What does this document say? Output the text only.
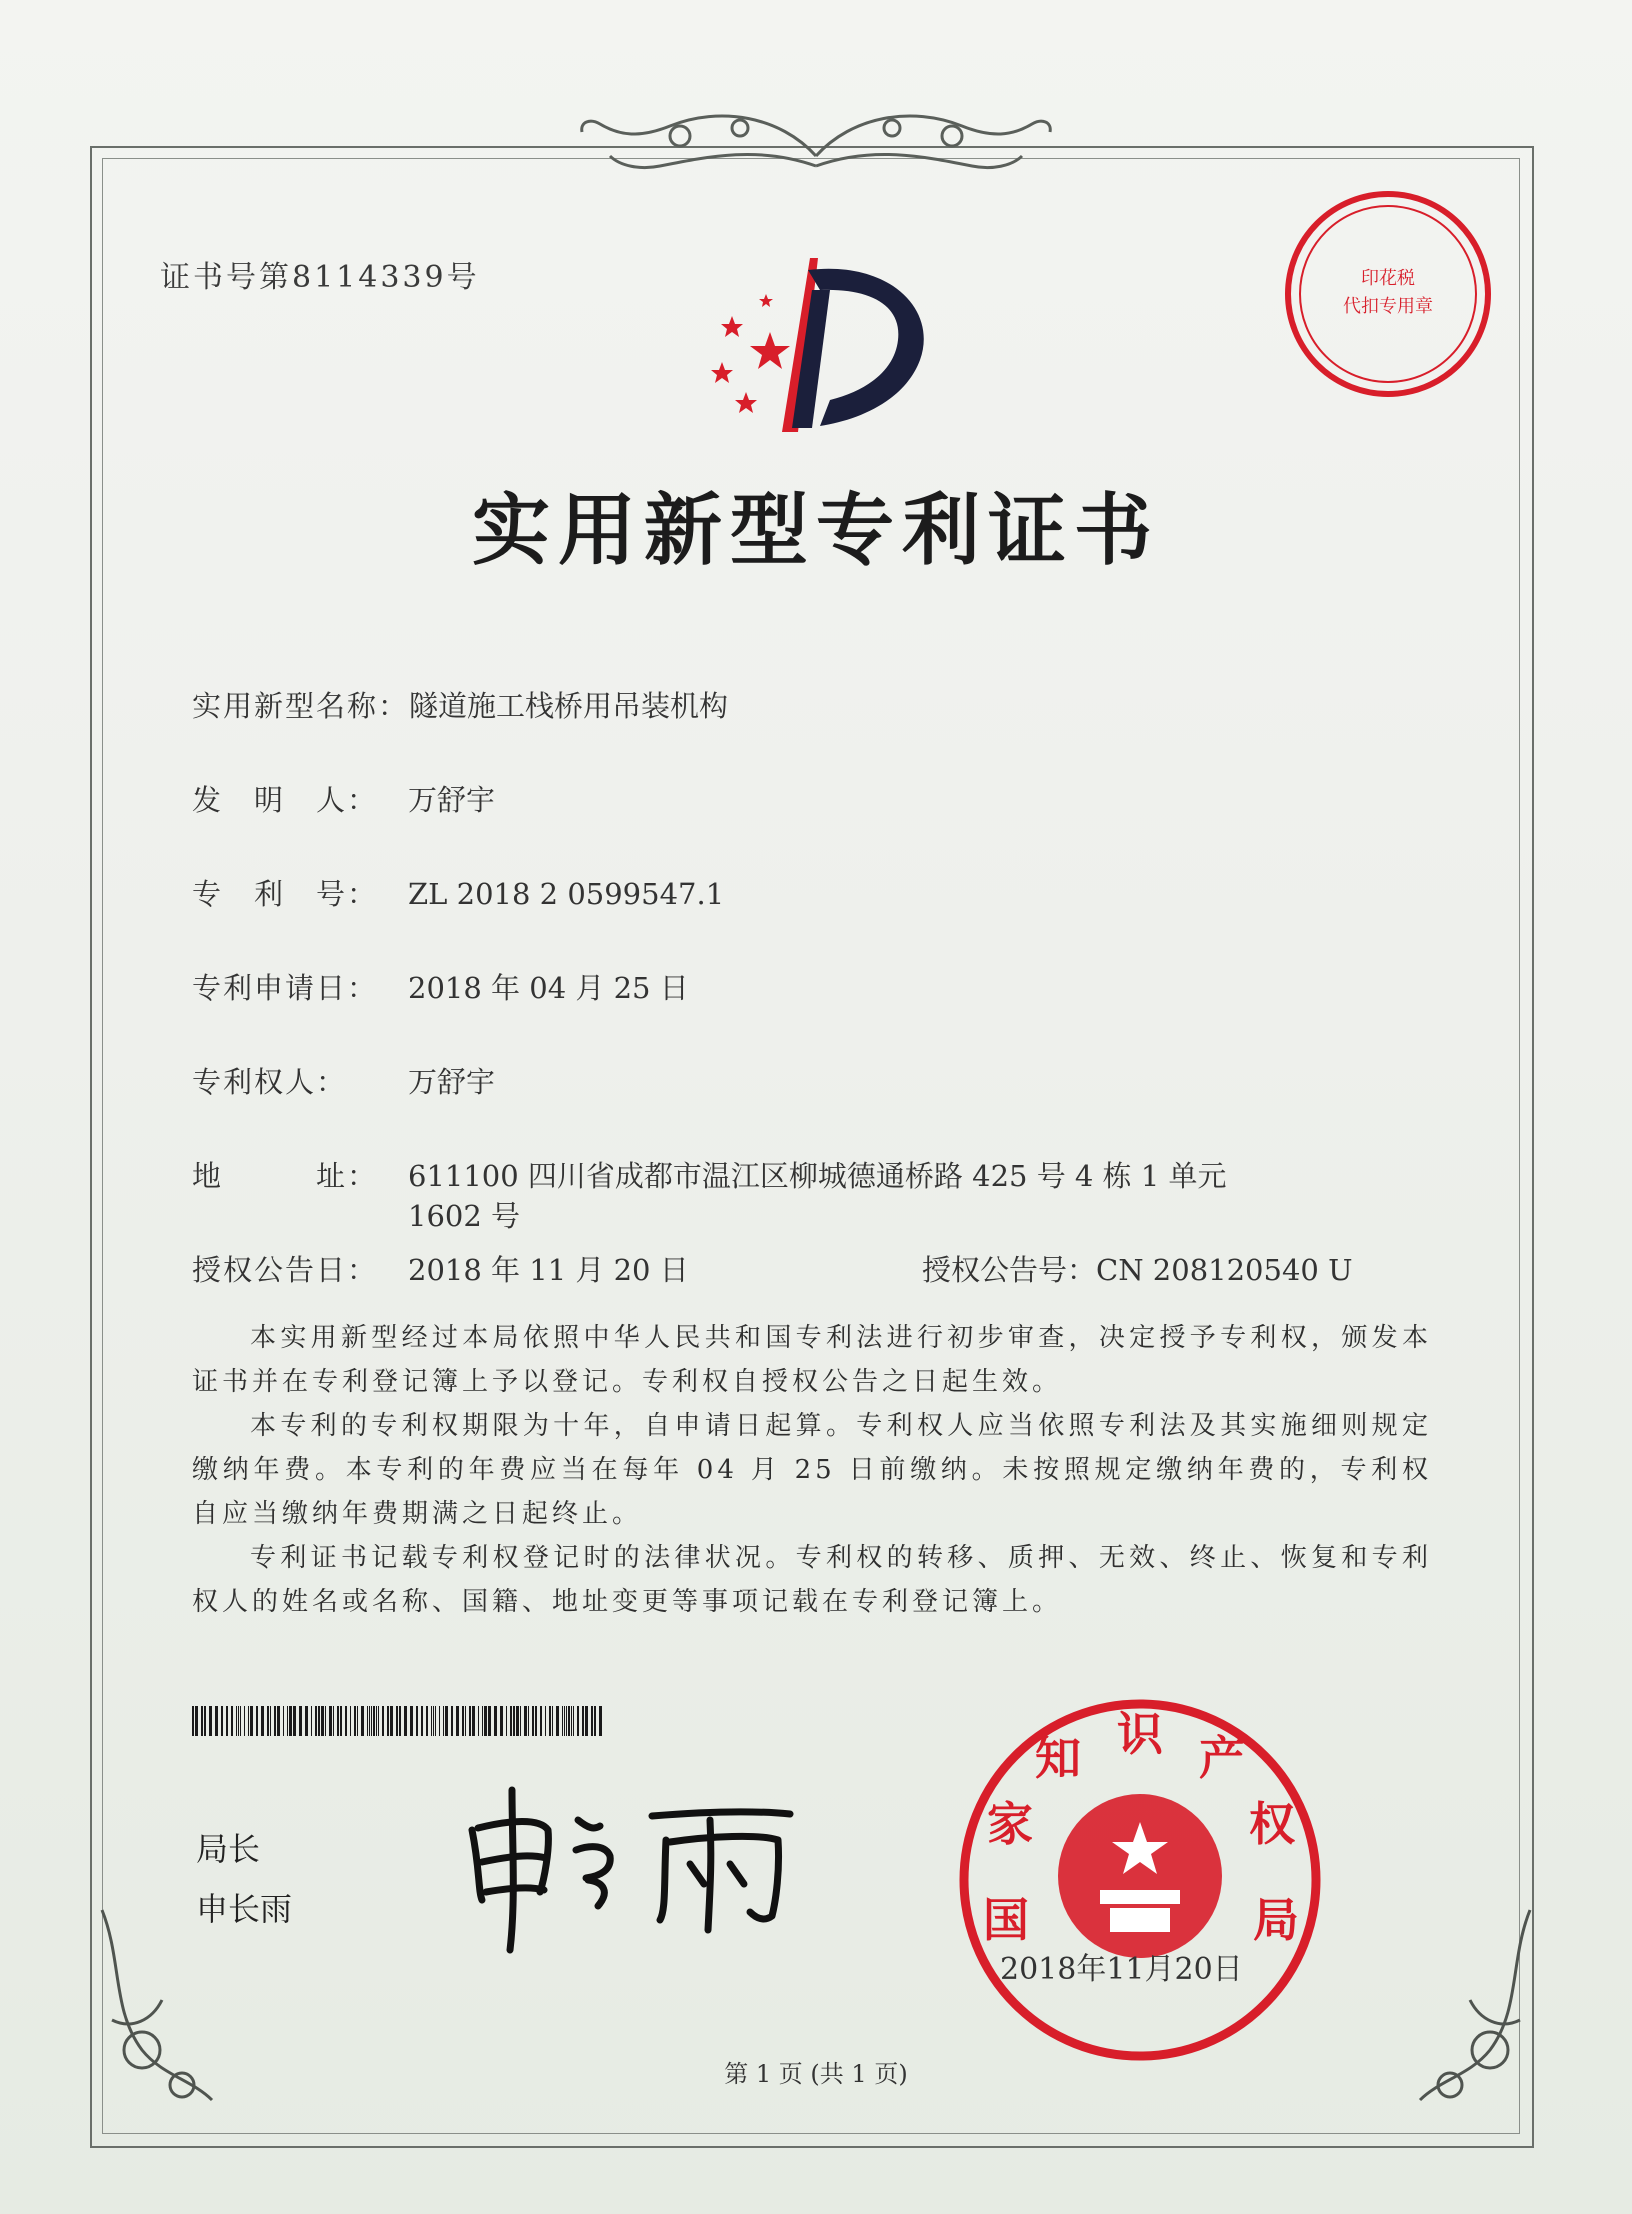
证书号第8114339号	印花税
代扣专用章
实用新型专利证书
实用新型名称：隧道施工栈桥用吊装机构
发　明　人： 万舒宇
专　利　号： ZL 2018 2 0599547.1
专利申请日： 2018 年 04 月 25 日
专利权人： 万舒宇
地　　　址： 611100 四川省成都市温江区柳城德通桥路 425 号 4 栋 1 单元
1602 号
授权公告日： 2018 年 11 月 20 日	授权公告号：CN 208120540 U
本实用新型经过本局依照中华人民共和国专利法进行初步审查，决定授予专利权，颁发本证书并在专利登记簿上予以登记。专利权自授权公告之日起生效。
本专利的专利权期限为十年，自申请日起算。专利权人应当依照专利法及其实施细则规定缴纳年费。本专利的年费应当在每年 04 月 25 日前缴纳。未按照规定缴纳年费的，专利权自应当缴纳年费期满之日起终止。
专利证书记载专利权登记时的法律状况。专利权的转移、质押、无效、终止、恢复和专利权人的姓名或名称、国籍、地址变更等事项记载在专利登记簿上。
局长
申长雨
家
知 识 产
权
国	局
2018年11月20日
第 1 页 (共 1 页)
